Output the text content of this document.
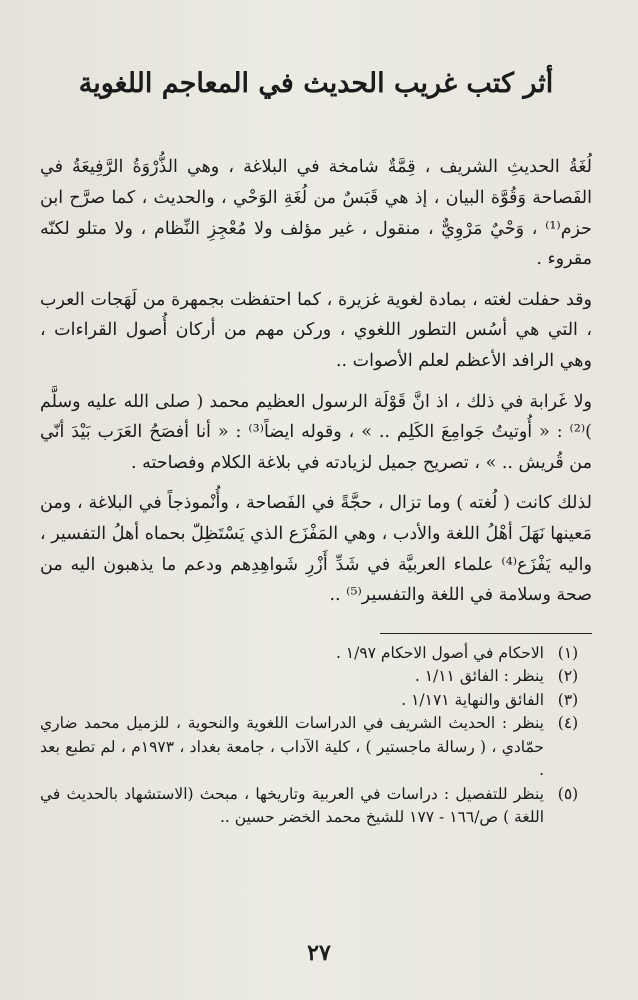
أثر كتب غريب الحديث في المعاجم اللغوية

لُغَةُ الحديثِ الشريف ، قِمَّةٌ شامخة في البلاغة ، وهي الذُّرْوَةُ الرَّفِيعَةُ في الفَصاحة وَقُوَّة البيان ، إذ هي قَبَسٌ من لُغَةِ الوَحْي ، والحديث ، كما صرَّح ابن حزم⁽¹⁾ ، وَحْيٌ مَرْوِيٌّ ، منقول ، غير مؤلف ولا مُعْجِزِ النِّظام ، ولا متلو لكنّه مقروء .

وقد حفلت لغته ، بمادة لغوية غزيرة ، كما احتفظت بجمهرة من لَهَجات العرب ، التي هي أسُس التطور اللغوي ، وركن مهم من أركان أُصول القراءات ، وهي الرافد الأعظم لعلم الأصوات ..

ولا غَرابة في ذلك ، اذ انَّ قَوْلَة الرسول العظيم محمد ( صلى الله عليه وسلَّم )⁽²⁾ : « أُوتيتُ جَوامِعَ الكَلِم .. » ، وقوله ايضاً⁽³⁾ : « أنا أفصَحُ العَرَب بَيْدَ أنّي من قُريش .. » ، تصريح جميل لزيادته في بلاغة الكلام وفصاحته .

لذلك كانت ( لُغته ) وما تزال ، حجَّةً في الفَصاحة ، وأُنْموذجاً في البلاغة ، ومن مَعينها نَهَلَ أهْلُ اللغة والأدب ، وهي المَفْزَع الذي يَسْتَظِلّ بحماه أهلُ التفسير ، واليه يَفْزَع⁽⁴⁾ علماء العربيَّة في شَدِّ أَزْرِ شَواهِدِهم ودعم ما يذهبون اليه من صحة وسلامة في اللغة والتفسير⁽⁵⁾ ..

(١)
الاحكام في أصول الاحكام ١/٩٧ .
(٢)
ينظر : الفائق ١/١١ .
(٣)
الفائق والنهاية ١/١٧١ .
(٤)
ينظر : الحديث الشريف في الدراسات اللغوية والنحوية ، للزميل محمد ضاري حمّادي ، ( رسالة ماجستير ) ، كلية الآداب ، جامعة بغداد ، ١٩٧٣م ، لم تطبع بعد .
(٥)
ينظر للتفصيل : دراسات في العربية وتاريخها ، مبحث (الاستشهاد بالحديث في اللغة ) ص/١٦٦ - ١٧٧ للشيخ محمد الخضر حسين ..
٢٧
